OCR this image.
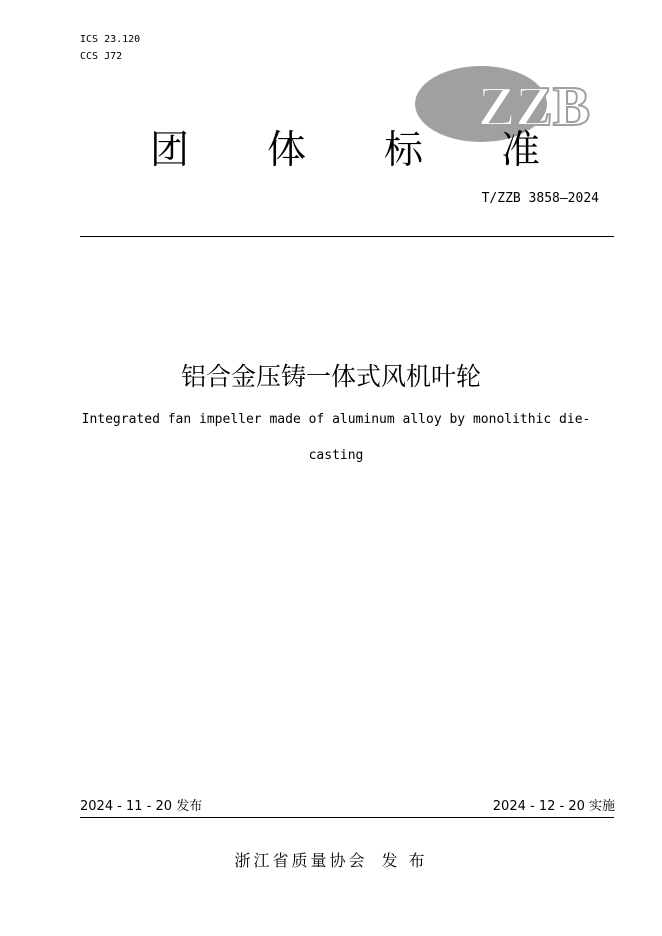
ICS 23.120
CCS J72
ZZB
团 体 标 准
T/ZZB 3858—2024
铝合金压铸一体式风机叶轮
Integrated fan impeller made of aluminum alloy by monolithic die-
casting
2024 - 11 - 20 发布	2024 - 12 - 20 实施
浙江省质量协会 发 布
